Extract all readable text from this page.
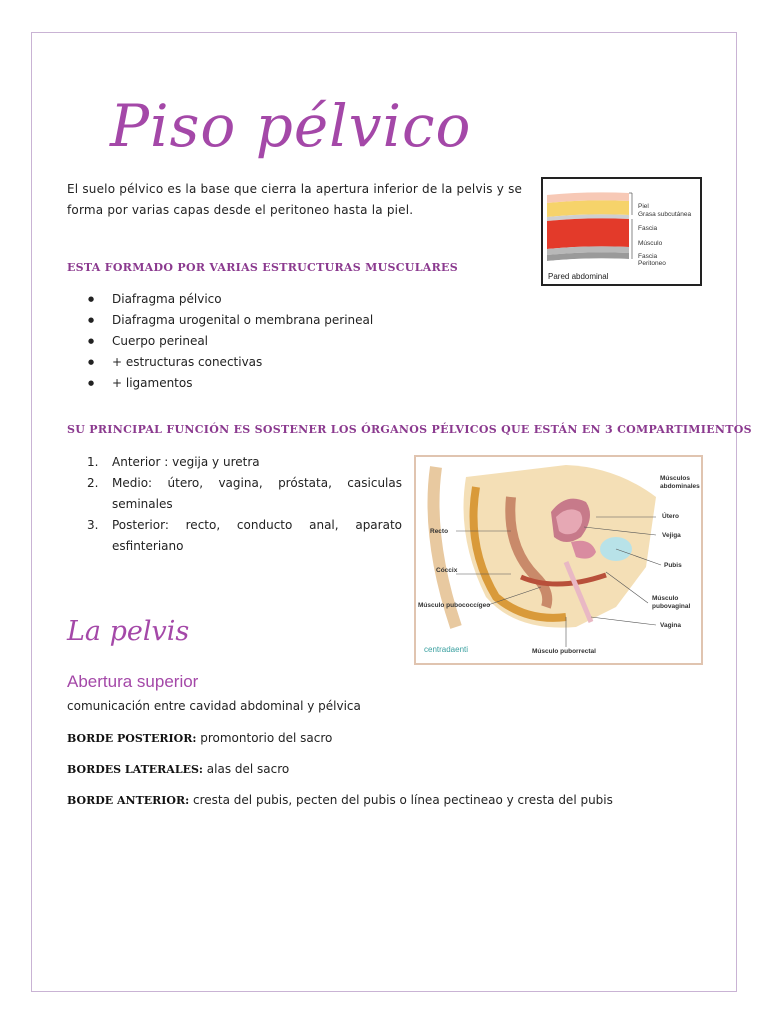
Piso pélvico
El suelo pélvico es la base que cierra la apertura inferior de la pelvis y se forma por varias capas desde el peritoneo hasta la piel.
ESTA FORMADO POR VARIAS ESTRUCTURAS MUSCULARES
● Diafragma pélvico
● Diafragma urogenital o membrana perineal
● Cuerpo perineal
● + estructuras conectivas
● + ligamentos
SU PRINCIPAL FUNCIÓN ES SOSTENER LOS ÓRGANOS PÉLVICOS QUE ESTÁN EN 3 COMPARTIMIENTOS
1. Anterior : vegija y uretra
2. Medio: útero, vagina, próstata, casiculas seminales
3. Posterior: recto, conducto anal, aparato esfinteriano
Piel
Grasa subcutánea
Fascia
Músculo
Fascia
Peritoneo
Pared abdominal
Músculos abdominales
Útero
Vejiga
Pubis
Músculo pubovaginal
Vagina
Recto
Cóccix
Músculo pubococcígeo
Músculo puborrectal
centradaenti
La pelvis
Abertura superior
comunicación entre cavidad abdominal y pélvica
BORDE POSTERIOR: promontorio del sacro
BORDES LATERALES: alas del sacro
BORDE ANTERIOR: cresta del pubis, pecten del pubis o línea pectineao y cresta del pubis
